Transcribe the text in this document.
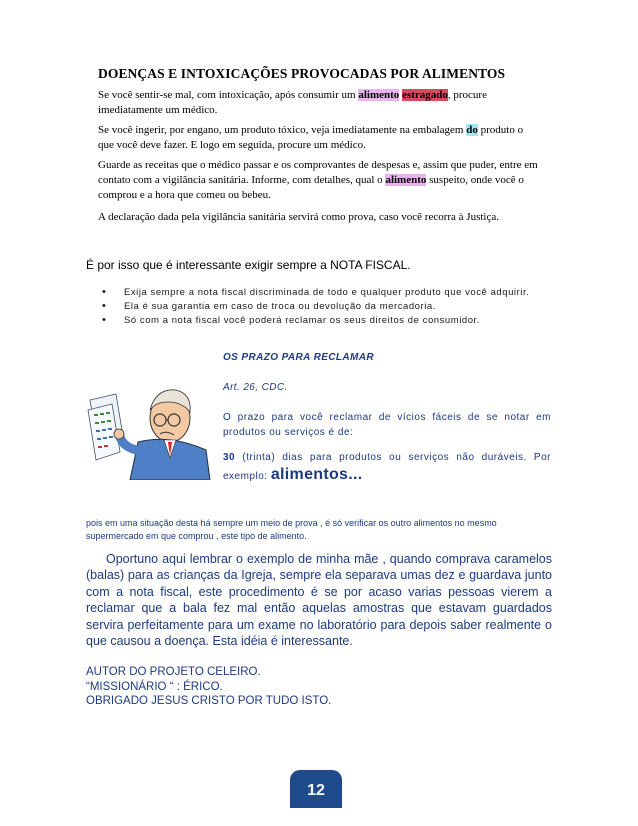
DOENÇAS E INTOXICAÇÕES PROVOCADAS POR ALIMENTOS

Se você sentir-se mal, com intoxicação, após consumir um alimento estragado, procure imediatamente um médico.

Se você ingerir, por engano, um produto tóxico, veja imediatamente na embalagem do produto o que você deve fazer. E logo em seguida, procure um médico.

Guarde as receitas que o médico passar e os comprovantes de despesas e, assim que puder, entre em contato com a vigilância sanitária. Informe, com detalhes, qual o alimento suspeito, onde você o comprou e a hora que comeu ou bebeu.

A declaração dada pela vigilância sanitária servirá como prova, caso você recorra à Justiça.

É por isso que é interessante exigir sempre a NOTA FISCAL.
• Exija sempre a nota fiscal discriminada de todo e qualquer produto que você adquirir.
• Ela é sua garantia em caso de troca ou devolução da mercadoria.
• Só com a nota fiscal você poderá reclamar os seus direitos de consumidor.
OS PRAZO PARA RECLAMAR
Art. 26, CDC.
O prazo para você reclamar de vícios fáceis de se notar em produtos ou serviços é de:
30 (trinta) dias para produtos ou serviços não duráveis. Por exemplo: alimentos...
pois em uma situação desta há sempre um meio de prova , é só verificar os outro alimentos no mesmo supermercado em que comprou , este tipo de alimento.
Oportuno aqui lembrar o exemplo de minha mãe , quando comprava caramelos (balas) para as crianças da Igreja, sempre ela separava umas dez e guardava junto com a nota fiscal, este procedimento é se por acaso varias pessoas vierem a reclamar que a bala fez mal então aquelas amostras que estavam guardados servira perfeitamente para um exame no laboratório para depois saber realmente o que causou a doença. Esta idéia é interessante.
AUTOR DO PROJETO CELEIRO.
“MISSIONÁRIO “ : ÉRICO.
OBRIGADO JESUS CRISTO POR TUDO ISTO.
12
